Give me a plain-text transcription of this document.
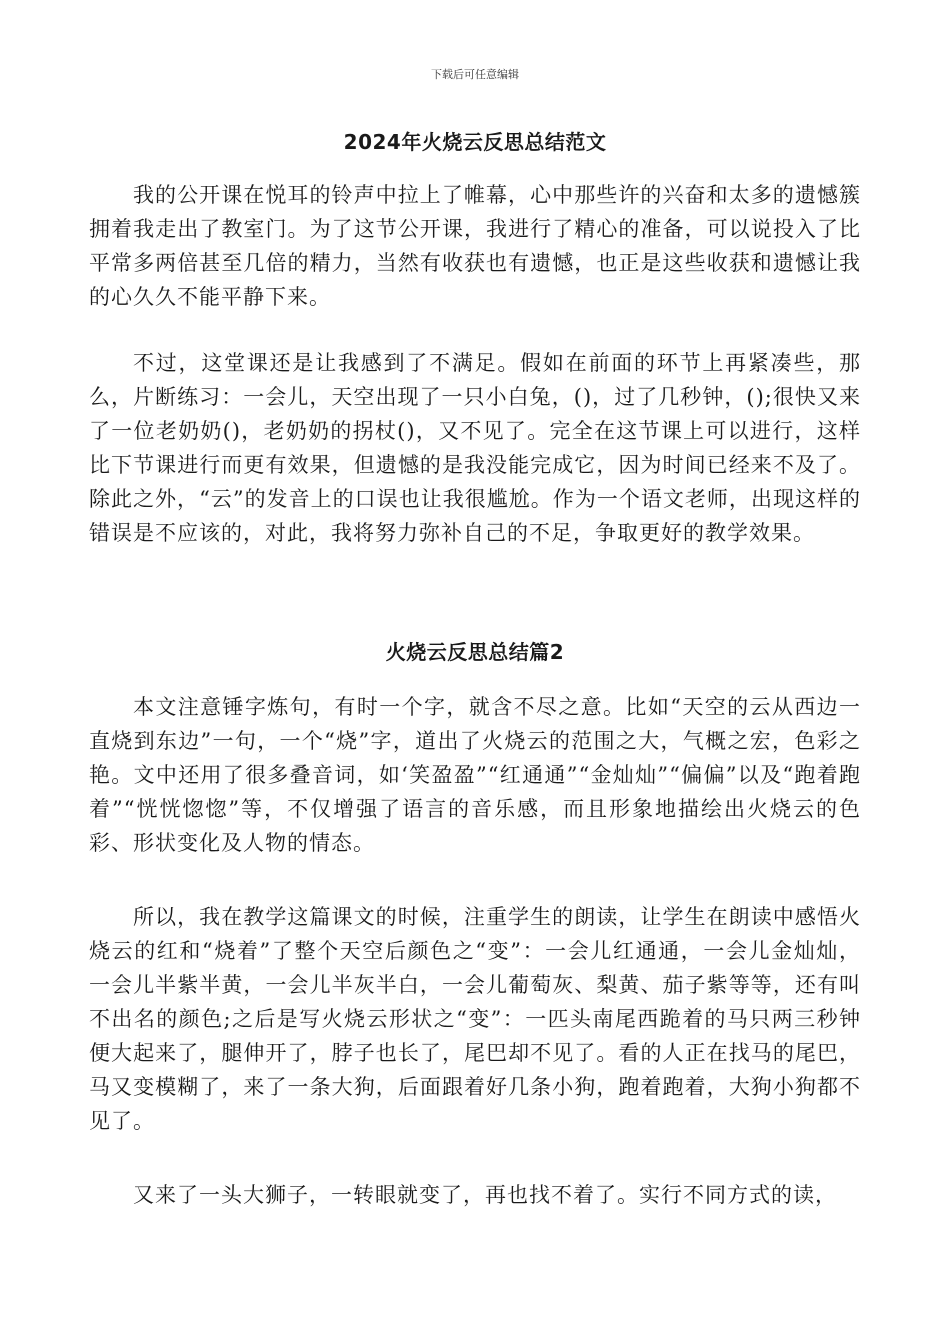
下载后可任意编辑
2024年火烧云反思总结范文

我的公开课在悦耳的铃声中拉上了帷幕，心中那些许的兴奋和太多的遗憾簇拥着我走出了教室门。为了这节公开课，我进行了精心的准备，可以说投入了比平常多两倍甚至几倍的精力，当然有收获也有遗憾，也正是这些收获和遗憾让我的心久久不能平静下来。

不过，这堂课还是让我感到了不满足。假如在前面的环节上再紧凑些，那么，片断练习：一会儿，天空出现了一只小白兔，()，过了几秒钟，();很快又来了一位老奶奶()，老奶奶的拐杖()，又不见了。完全在这节课上可以进行，这样比下节课进行而更有效果，但遗憾的是我没能完成它，因为时间已经来不及了。除此之外，“云”的发音上的口误也让我很尴尬。作为一个语文老师，出现这样的错误是不应该的，对此，我将努力弥补自己的不足，争取更好的教学效果。

火烧云反思总结篇2

本文注意锤字炼句，有时一个字，就含不尽之意。比如“天空的云从西边一直烧到东边”一句，一个“烧”字，道出了火烧云的范围之大，气概之宏，色彩之艳。文中还用了很多叠音词，如‘笑盈盈”“红通通”“金灿灿”“偏偏”以及“跑着跑着”“恍恍惚惚”等，不仅增强了语言的音乐感，而且形象地描绘出火烧云的色彩、形状变化及人物的情态。

所以，我在教学这篇课文的时候，注重学生的朗读，让学生在朗读中感悟火烧云的红和“烧着”了整个天空后颜色之“变”：一会儿红通通，一会儿金灿灿，一会儿半紫半黄，一会儿半灰半白，一会儿葡萄灰、梨黄、茄子紫等等，还有叫不出名的颜色;之后是写火烧云形状之“变”：一匹头南尾西跪着的马只两三秒钟便大起来了，腿伸开了，脖子也长了，尾巴却不见了。看的人正在找马的尾巴，马又变模糊了，来了一条大狗，后面跟着好几条小狗，跑着跑着，大狗小狗都不见了。

又来了一头大狮子，一转眼就变了，再也找不着了。实行不同方式的读，
